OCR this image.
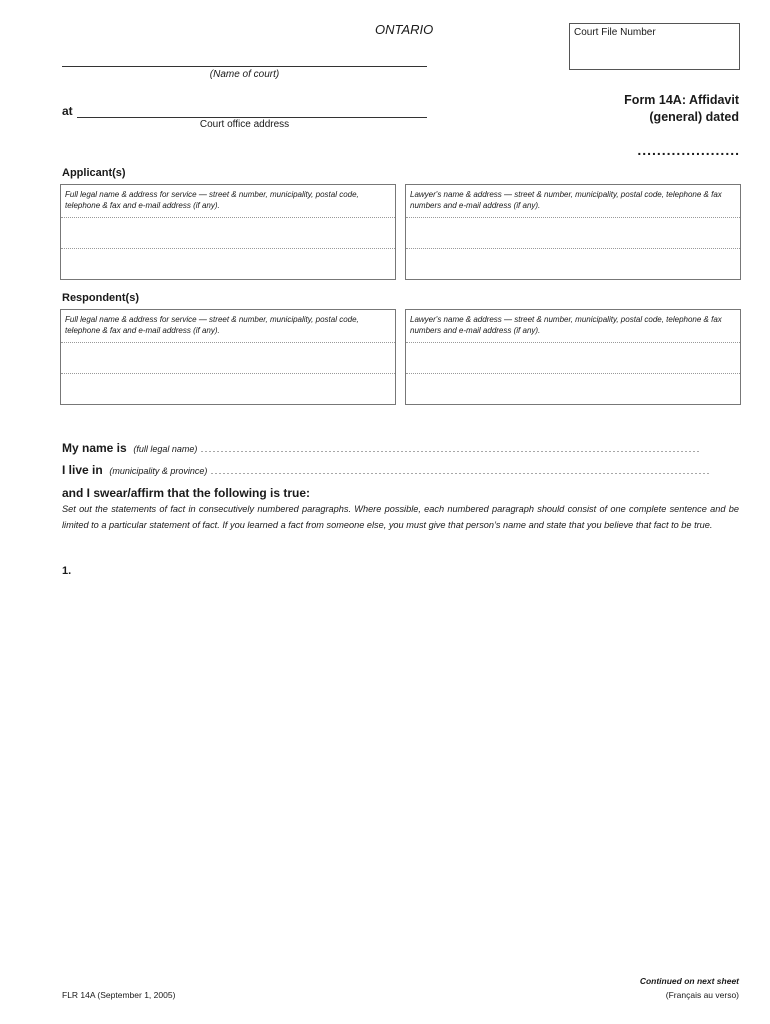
ONTARIO	Court File Number
(Name of court)
at
Court office address
Form 14A: Affidavit
(general) dated
.....................
Applicant(s)
Full legal name & address for service — street & number, municipality, postal code, telephone & fax and e-mail address (if any).
Lawyer's name & address — street & number, municipality, postal code, telephone & fax numbers and e-mail address (if any).
Respondent(s)
Full legal name & address for service — street & number, municipality, postal code, telephone & fax and e-mail address (if any).
Lawyer's name & address — street & number, municipality, postal code, telephone & fax numbers and e-mail address (if any).
My name is (full legal name) .............................................................................................................................
I live in (municipality & province) .............................................................................................................................
and I swear/affirm that the following is true:
Set out the statements of fact in consecutively numbered paragraphs. Where possible, each numbered paragraph should consist of one complete sentence and be limited to a particular statement of fact. If you learned a fact from someone else, you must give that person’s name and state that you believe that fact to be true.
1.
Continued on next sheet
(Français au verso)
FLR 14A (September 1, 2005)
